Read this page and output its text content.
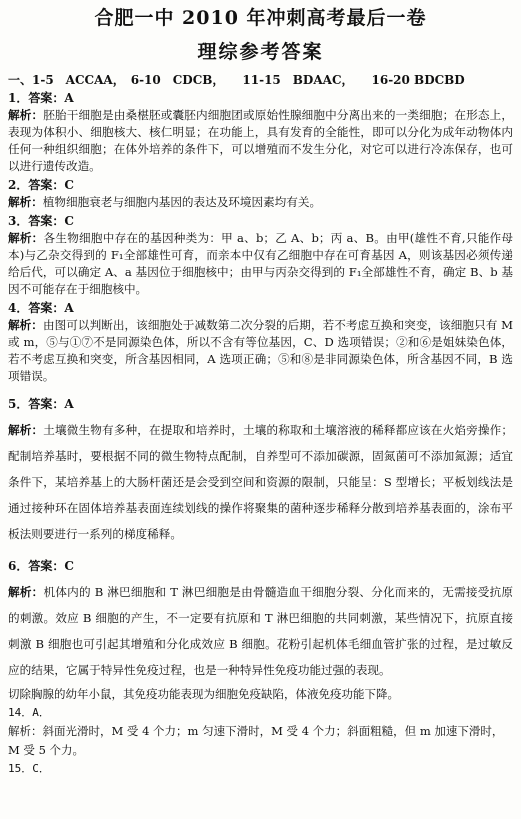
合肥一中 2010 年冲刺高考最后一卷
理综参考答案
一、1-5　ACCAA，　6-10　CDCB，　　11-15　BDAAC，　　16-20 BDCBD
1．答案：A
解析：胚胎干细胞是由桑椹胚或囊胚内细胞团或原始性腺细胞中分离出来的一类细胞；在形态上，表现为体积小、细胞核大、核仁明显；在功能上，具有发育的全能性，即可以分化为成年动物体内任何一种组织细胞；在体外培养的条件下，可以增殖而不发生分化，对它可以进行冷冻保存，也可以进行遗传改造。
2．答案：C
解析：植物细胞衰老与细胞内基因的表达及环境因素均有关。
3．答案：C
解析：各生物细胞中存在的基因种类为：甲 a、b；乙 A、b；丙 a、B。由甲(雄性不育,只能作母本)与乙杂交得到的 F₁全部雄性可育，而亲本中仅有乙细胞中存在可育基因 A，则该基因必须传递给后代，可以确定 A、a 基因位于细胞核中；由甲与丙杂交得到的 F₁全部雄性不育，确定 B、b 基因不可能存在于细胞核中。
4．答案：A
解析：由图可以判断出，该细胞处于减数第二次分裂的后期，若不考虑互换和突变，该细胞只有 M 或 m，⑤与①⑦不是同源染色体，所以不含有等位基因，C、D 选项错误；②和⑥是姐妹染色体，若不考虑互换和突变，所含基因相同，A 选项正确；⑤和⑧是非同源染色体，所含基因不同，B 选项错误。
5．答案：A
解析：土壤微生物有多种，在提取和培养时，土壤的称取和土壤溶液的稀释都应该在火焰旁操作；配制培养基时，要根据不同的微生物特点配制，自养型可不添加碳源，固氮菌可不添加氮源；适宜条件下，某培养基上的大肠杆菌还是会受到空间和资源的限制，只能呈：S 型增长；平板划线法是通过接种环在固体培养基表面连续划线的操作将聚集的菌种逐步稀释分散到培养基表面的，涂布平板法则要进行一系列的梯度稀释。
6．答案：C
解析：机体内的 B 淋巴细胞和 T 淋巴细胞是由骨髓造血干细胞分裂、分化而来的，无需接受抗原的刺激。效应 B 细胞的产生，不一定要有抗原和 T 淋巴细胞的共同刺激，某些情况下，抗原直接刺激 B 细胞也可引起其增殖和分化成效应 B 细胞。花粉引起机体毛细血管扩张的过程，是过敏反应的结果，它属于特异性免疫过程，也是一种特异性免疫功能过强的表现。
切除胸腺的幼年小鼠，其免疫功能表现为细胞免疫缺陷，体液免疫功能下降。
14．A．
解析：斜面光滑时，M 受 4 个力；m 匀速下滑时，M 受 4 个力；斜面粗糙，但 m 加速下滑时，M 受 5 个力。
15．C．
